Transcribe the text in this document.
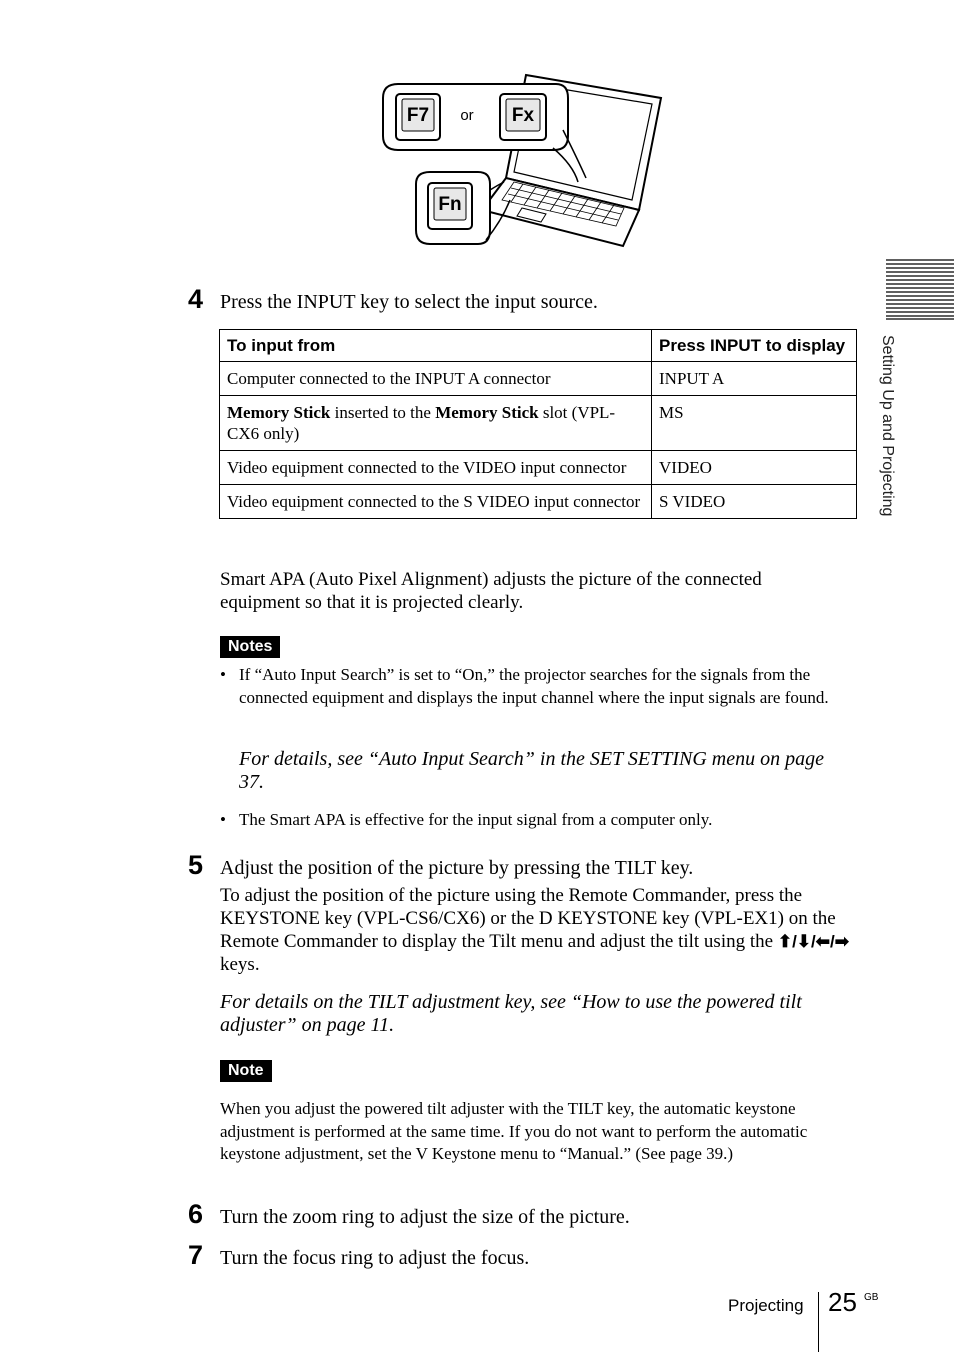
F7 or Fx
Fn
Setting Up and Projecting
4 Press the INPUT key to select the input source.
To input from	Press INPUT to display
Computer connected to the INPUT A connector	INPUT A
Memory Stick inserted to the Memory Stick slot (VPL-CX6 only)	MS
Video equipment connected to the VIDEO input connector	VIDEO
Video equipment connected to the S VIDEO input connector	S VIDEO
Smart APA (Auto Pixel Alignment) adjusts the picture of the connected equipment so that it is projected clearly.
Notes
• If “Auto Input Search” is set to “On,” the projector searches for the signals from the connected equipment and displays the input channel where the input signals are found.
For details, see “Auto Input Search” in the SET SETTING menu on page 37.
• The Smart APA is effective for the input signal from a computer only.
5 Adjust the position of the picture by pressing the TILT key.
To adjust the position of the picture using the Remote Commander, press the KEYSTONE key (VPL-CS6/CX6) or the D KEYSTONE key (VPL-EX1) on the Remote Commander to display the Tilt menu and adjust the tilt using the ⬆/⬇/⬅/➡ keys.
For details on the TILT adjustment key, see “How to use the powered tilt adjuster” on page 11.
Note
When you adjust the powered tilt adjuster with the TILT key, the automatic keystone adjustment is performed at the same time. If you do not want to perform the automatic keystone adjustment, set the V Keystone menu to “Manual.” (See page 39.)
6 Turn the zoom ring to adjust the size of the picture.
7 Turn the focus ring to adjust the focus.
Projecting 25 GB
